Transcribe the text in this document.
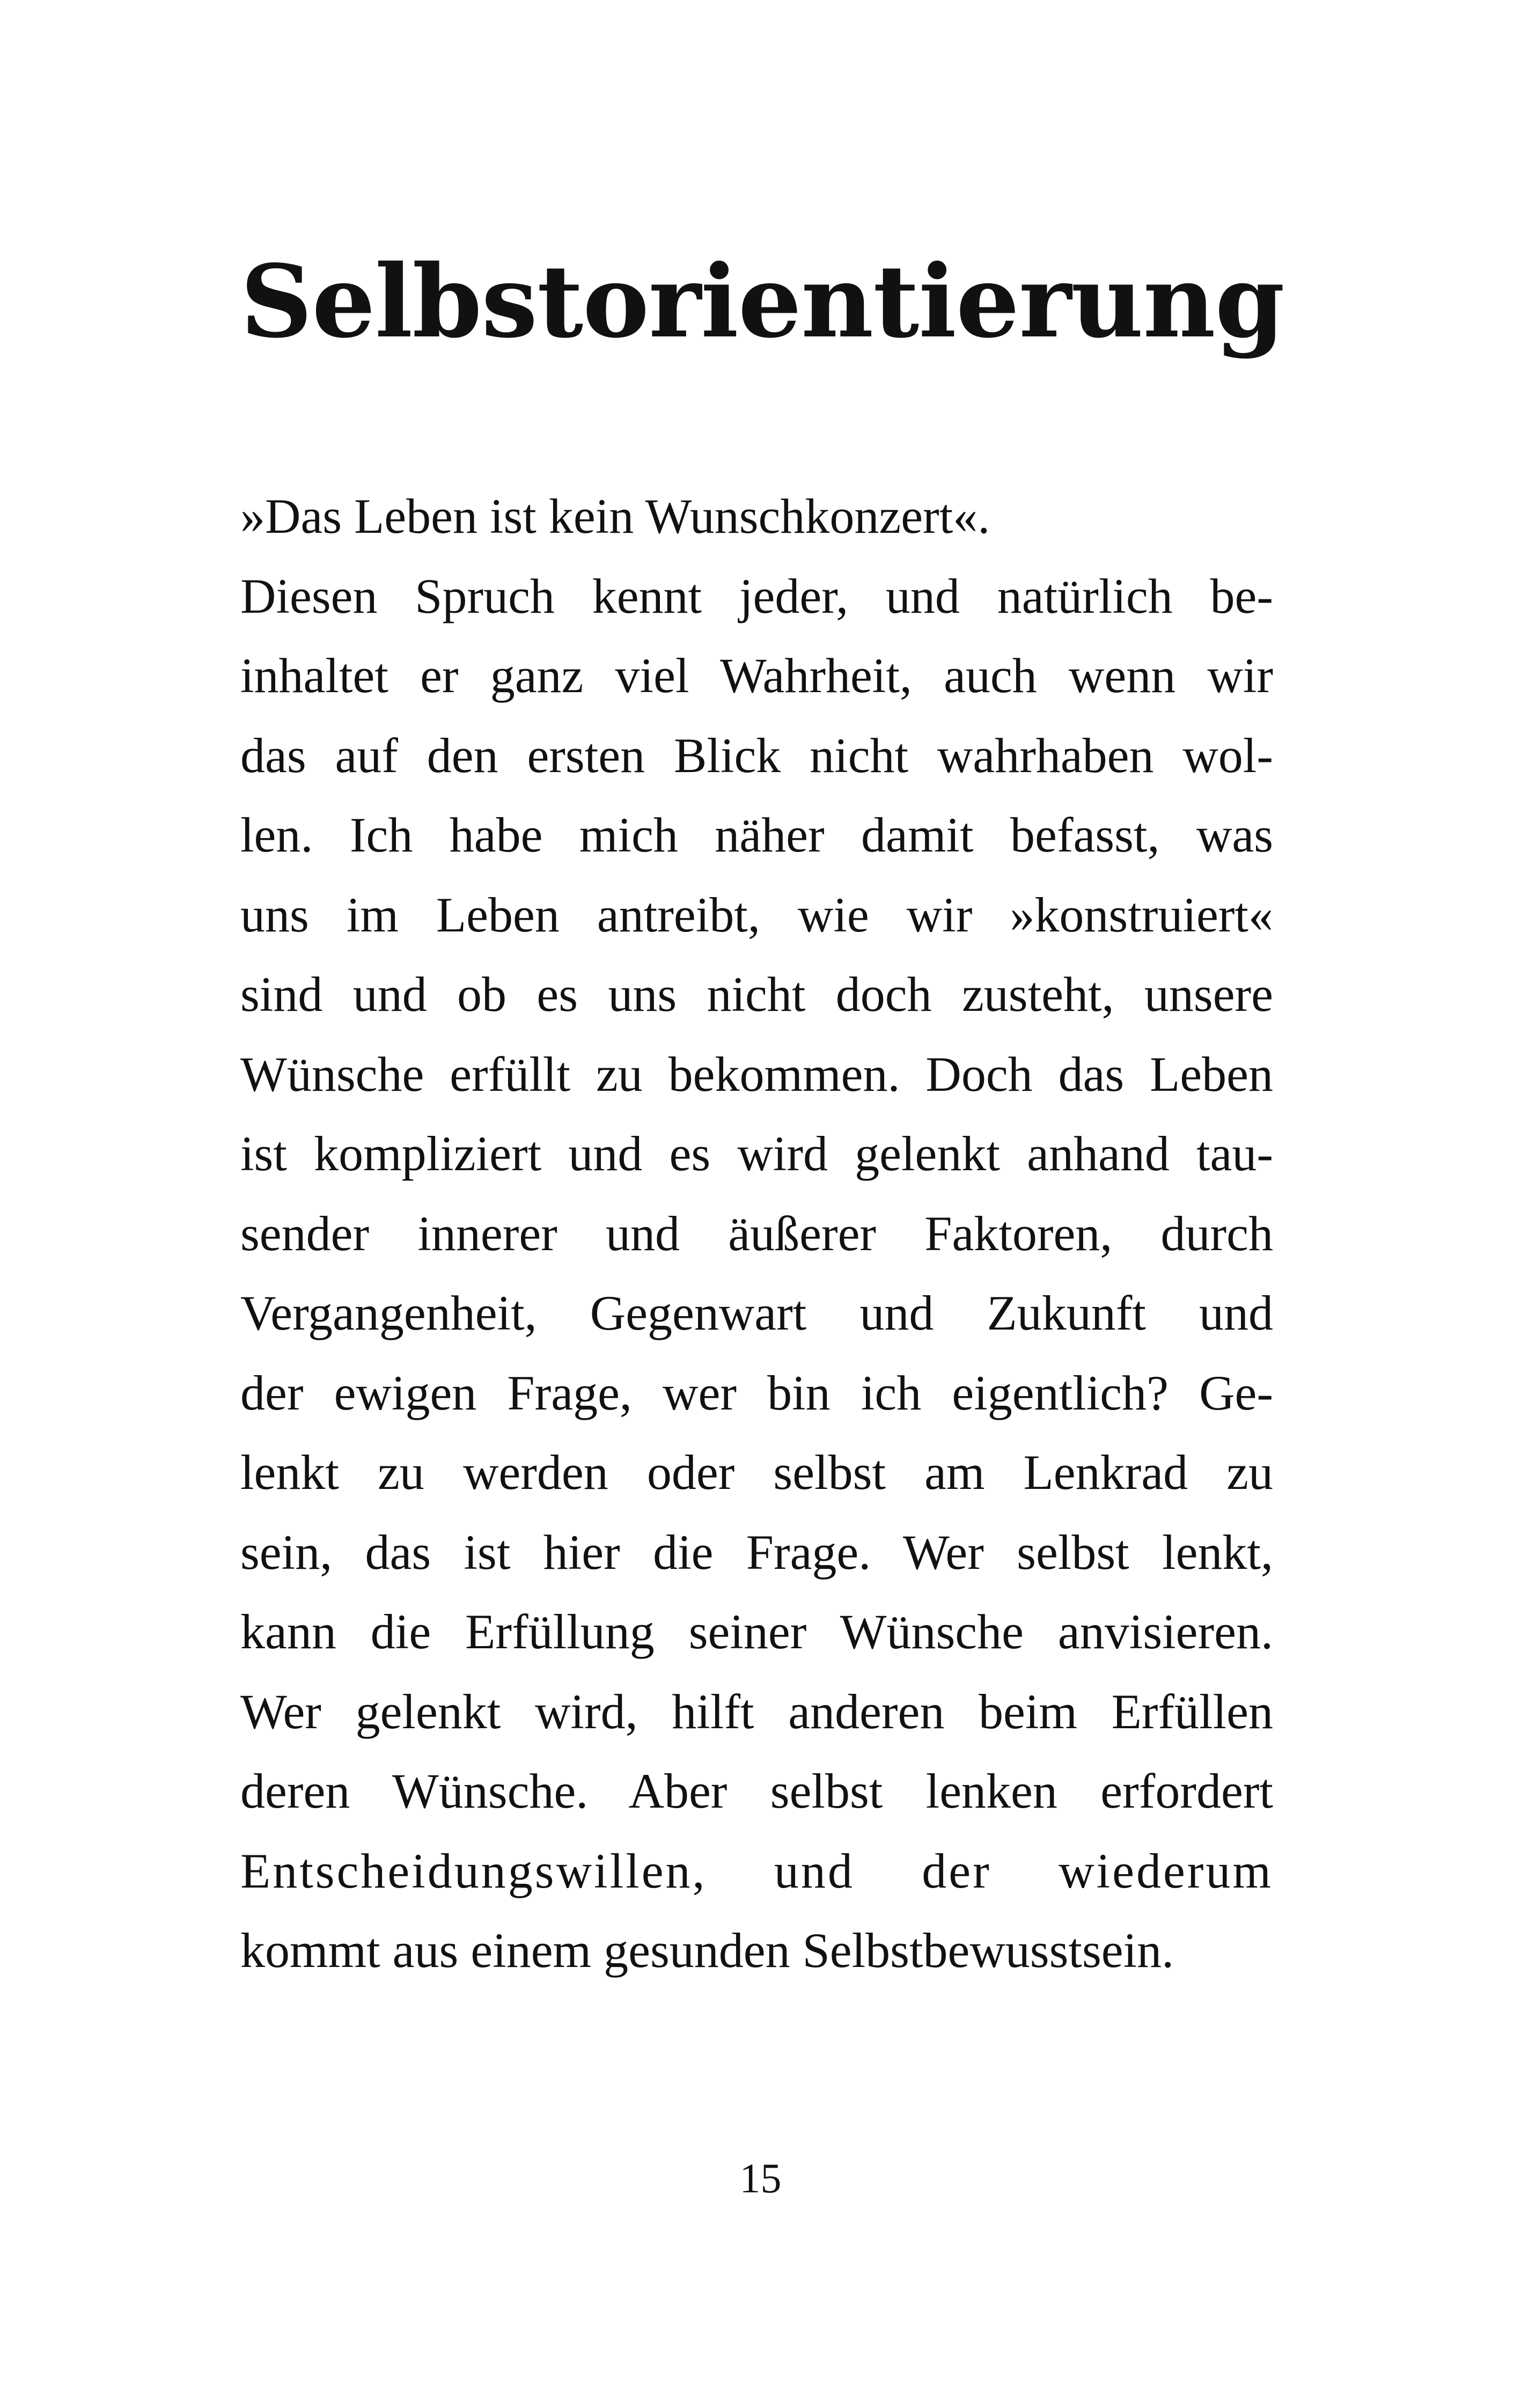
Selbstorientierung
»Das Leben ist kein Wunschkonzert«.
Diesen Spruch kennt jeder, und natürlich be-
inhaltet er ganz viel Wahrheit, auch wenn wir
das auf den ersten Blick nicht wahrhaben wol-
len. Ich habe mich näher damit befasst, was
uns im Leben antreibt, wie wir »konstruiert«
sind und ob es uns nicht doch zusteht, unsere
Wünsche erfüllt zu bekommen. Doch das Leben
ist kompliziert und es wird gelenkt anhand tau-
sender innerer und äußerer Faktoren, durch
Vergangenheit, Gegenwart und Zukunft und
der ewigen Frage, wer bin ich eigentlich? Ge-
lenkt zu werden oder selbst am Lenkrad zu
sein, das ist hier die Frage. Wer selbst lenkt,
kann die Erfüllung seiner Wünsche anvisieren.
Wer gelenkt wird, hilft anderen beim Erfüllen
deren Wünsche. Aber selbst lenken erfordert
Entscheidungswillen, und der wiederum
kommt aus einem gesunden Selbstbewusstsein.
15
